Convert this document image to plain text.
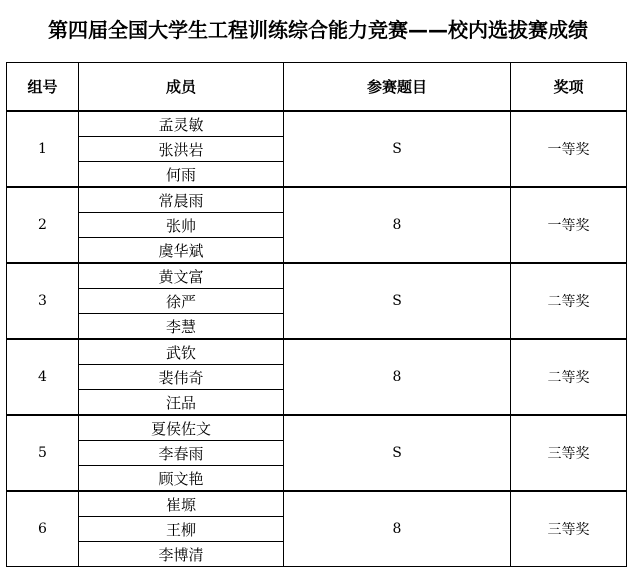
第四届全国大学生工程训练综合能力竞赛——校内选拔赛成绩
组号	成员	参赛题目	奖项
1	孟灵敏	S	一等奖
	张洪岩		
	何雨		
2	常晨雨	8	一等奖
	张帅		
	虞华斌		
3	黄文富	S	二等奖
	徐严		
	李慧		
4	武钦	8	二等奖
	裴伟奇		
	汪品		
5	夏侯佐文	S	三等奖
	李春雨		
	顾文艳		
6	崔塬	8	三等奖
	王柳		
	李博清		
